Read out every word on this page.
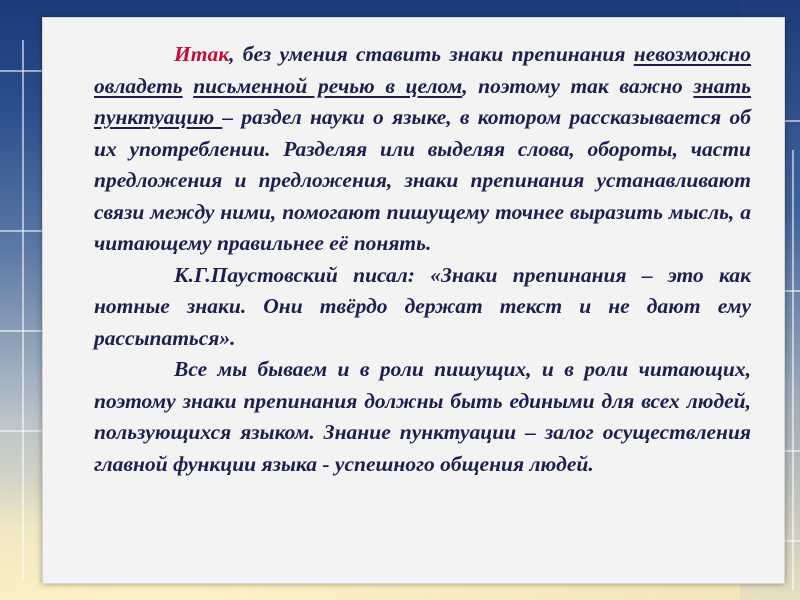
Итак, без умения ставить знаки препинания невозможно овладеть письменной речью в целом, поэтому так важно знать пунктуацию – раздел науки о языке, в котором рассказывается об их употреблении. Разделяя или выделяя слова, обороты, части предложения и предложения, знаки препинания устанавливают связи между ними, помогают пишущему точнее выразить мысль, а читающему правильнее её понять.

К.Г.Паустовский писал: «Знаки препинания – это как нотные знаки. Они твёрдо держат текст и не дают ему рассыпаться».

Все мы бываем и в роли пишущих, и в роли читающих, поэтому знаки препинания должны быть едиными для всех людей, пользующихся языком. Знание пунктуации – залог осуществления главной функции языка - успешного общения людей.
